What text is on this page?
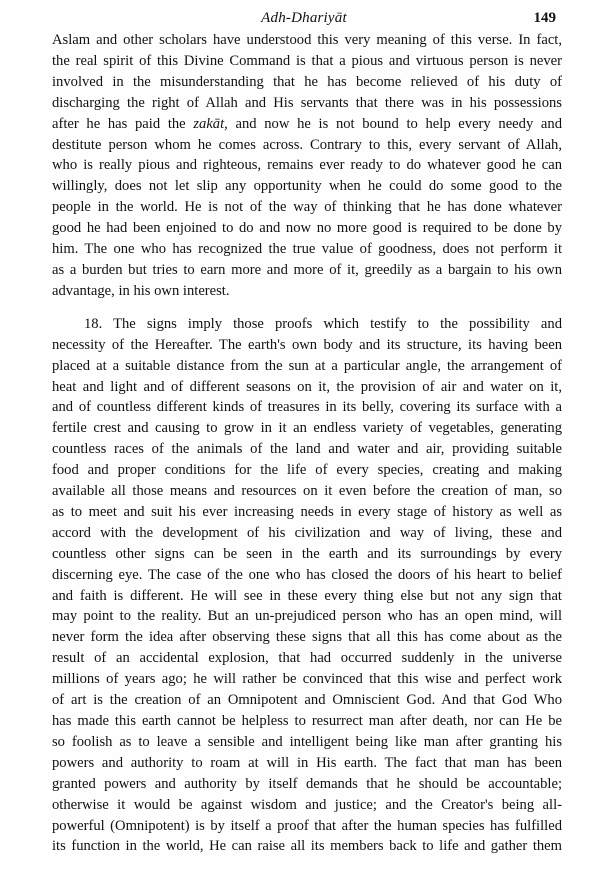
Adh-Dhariyāt	149

Aslam and other scholars have understood this very meaning of this verse. In fact,
the real spirit of this Divine Command is that a pious and virtuous person is never
involved in the misunderstanding that he has become relieved of his duty of
discharging the right of Allah and His servants that there was in his possessions
after he has paid the zakāt, and now he is not bound to help every needy and
destitute person whom he comes across. Contrary to this, every servant of Allah,
who is really pious and righteous, remains ever ready to do whatever good he can
willingly, does not let slip any opportunity when he could do some good to the
people in the world. He is not of the way of thinking that he has done whatever
good he had been enjoined to do and now no more good is required to be done by
him. The one who has recognized the true value of goodness, does not perform it
as a burden but tries to earn more and more of it, greedily as a bargain to his own
advantage, in his own interest.

18. The signs imply those proofs which testify to the possibility and
necessity of the Hereafter. The earth's own body and its structure, its having been
placed at a suitable distance from the sun at a particular angle, the arrangement of
heat and light and of different seasons on it, the provision of air and water on it,
and of countless different kinds of treasures in its belly, covering its surface with a
fertile crest and causing to grow in it an endless variety of vegetables, generating
countless races of the animals of the land and water and air, providing suitable
food and proper conditions for the life of every species, creating and making
available all those means and resources on it even before the creation of man, so
as to meet and suit his ever increasing needs in every stage of history as well as
accord with the development of his civilization and way of living, these and
countless other signs can be seen in the earth and its surroundings by every
discerning eye. The case of the one who has closed the doors of his heart to belief
and faith is different. He will see in these every thing else but not any sign that
may point to the reality. But an un-prejudiced person who has an open mind, will
never form the idea after observing these signs that all this has come about as the
result of an accidental explosion, that had occurred suddenly in the universe
millions of years ago; he will rather be convinced that this wise and perfect work
of art is the creation of an Omnipotent and Omniscient God. And that God Who
has made this earth cannot be helpless to resurrect man after death, nor can He be
so foolish as to leave a sensible and intelligent being like man after granting his
powers and authority to roam at will in His earth. The fact that man has been
granted powers and authority by itself demands that he should be accountable;
otherwise it would be against wisdom and justice; and the Creator's being all-
powerful (Omnipotent) is by itself a proof that after the human species has fulfilled
its function in the world, He can raise all its members back to life and gather them
